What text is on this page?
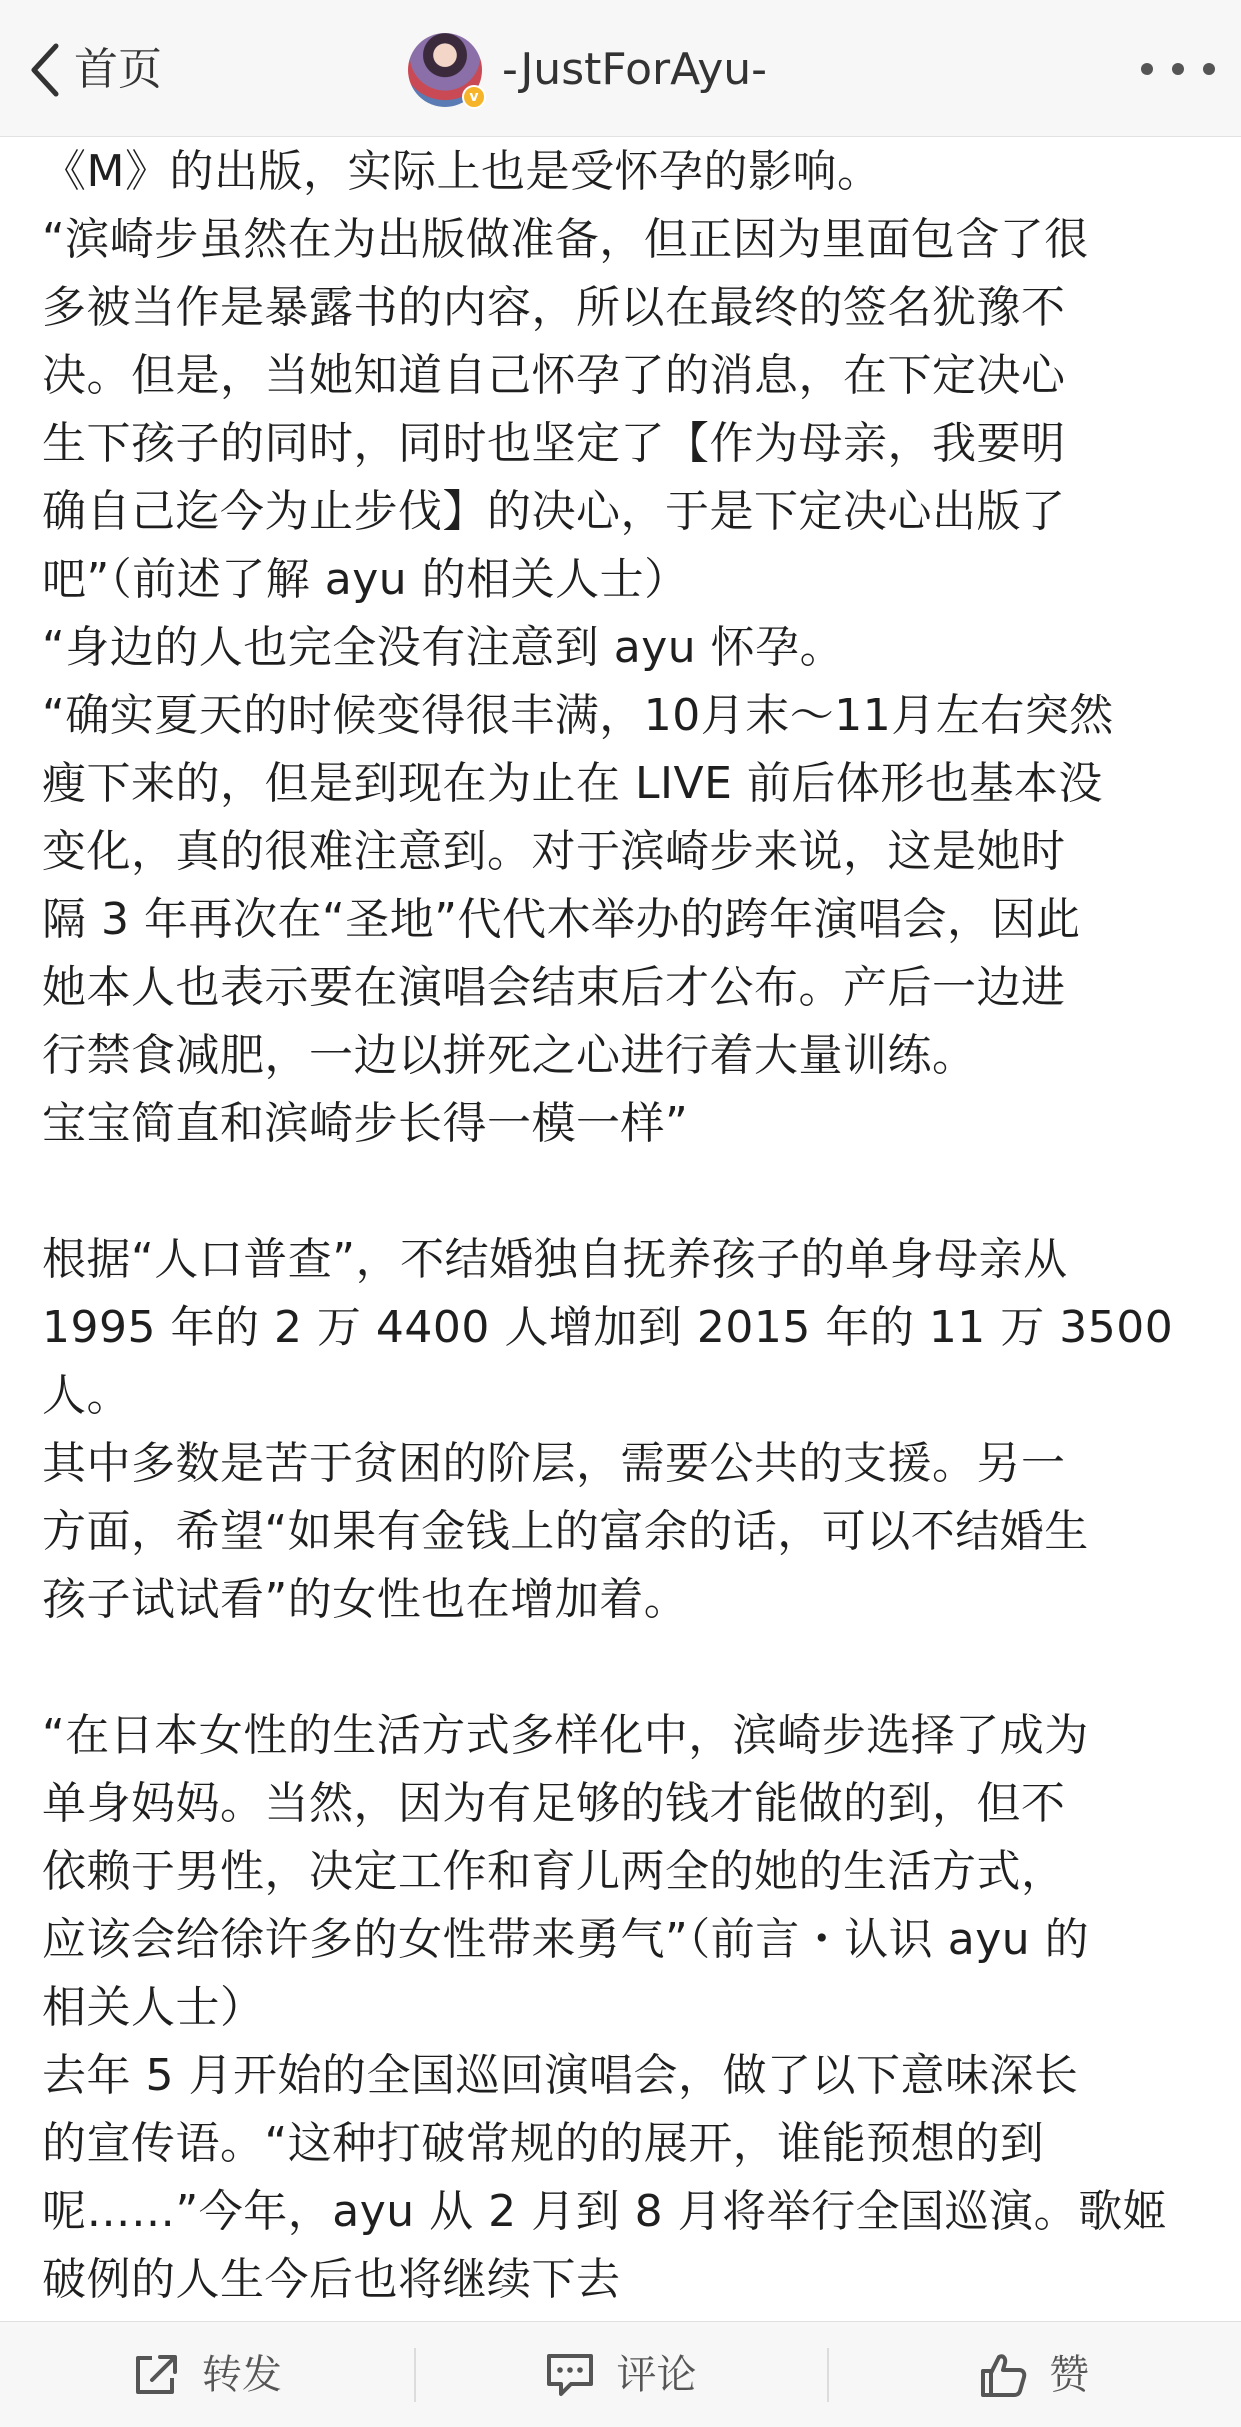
首页
v
-JustForAyu-
《M》的出版，实际上也是受怀孕的影响。
“滨崎步虽然在为出版做准备，但正因为里面包含了很
多被当作是暴露书的内容，所以在最终的签名犹豫不
决。但是，当她知道自己怀孕了的消息，在下定决心
生下孩子的同时，同时也坚定了【作为母亲，我要明
确自己迄今为止步伐】的决心，于是下定决心出版了
吧”（前述了解 ayu 的相关人士）
“身边的人也完全没有注意到 ayu 怀孕。
“确实夏天的时候变得很丰满，10月末～11月左右突然
瘦下来的，但是到现在为止在 LIVE 前后体形也基本没
变化，真的很难注意到。对于滨崎步来说，这是她时
隔 3 年再次在“圣地”代代木举办的跨年演唱会，因此
她本人也表示要在演唱会结束后才公布。产后一边进
行禁食减肥，一边以拼死之心进行着大量训练。
宝宝简直和滨崎步长得一模一样”
根据“人口普查”，不结婚独自抚养孩子的单身母亲从
1995 年的 2 万 4400 人增加到 2015 年的 11 万 3500
人。
其中多数是苦于贫困的阶层，需要公共的支援。另一
方面，希望“如果有金钱上的富余的话，可以不结婚生
孩子试试看”的女性也在增加着。
“在日本女性的生活方式多样化中，滨崎步选择了成为
单身妈妈。当然，因为有足够的钱才能做的到，但不
依赖于男性，决定工作和育儿两全的她的生活方式，
应该会给徐许多的女性带来勇气”（前言・认识 ayu 的
相关人士）
去年 5 月开始的全国巡回演唱会，做了以下意味深长
的宣传语。“这种打破常规的的展开，谁能预想的到
呢……”今年，ayu 从 2 月到 8 月将举行全国巡演。歌姬
破例的人生今后也将继续下去
转发	评论	赞
